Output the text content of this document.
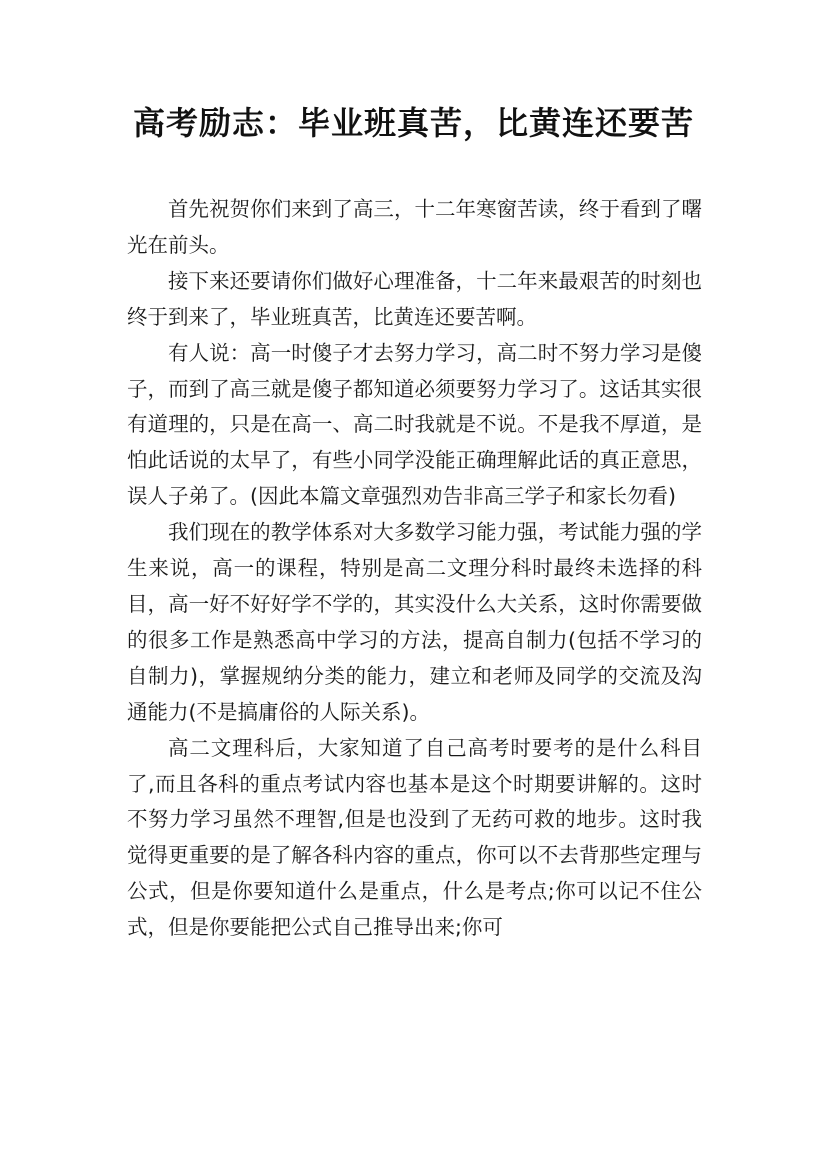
高考励志：毕业班真苦，比黄连还要苦

首先祝贺你们来到了高三，十二年寒窗苦读，终于看到了曙光在前头。

接下来还要请你们做好心理准备，十二年来最艰苦的时刻也终于到来了，毕业班真苦，比黄连还要苦啊。

有人说：高一时傻子才去努力学习，高二时不努力学习是傻子，而到了高三就是傻子都知道必须要努力学习了。这话其实很有道理的，只是在高一、高二时我就是不说。不是我不厚道，是怕此话说的太早了，有些小同学没能正确理解此话的真正意思，误人子弟了。(因此本篇文章强烈劝告非高三学子和家长勿看)

我们现在的教学体系对大多数学习能力强，考试能力强的学生来说，高一的课程，特别是高二文理分科时最终未选择的科目，高一好不好好学不学的，其实没什么大关系，这时你需要做的很多工作是熟悉高中学习的方法，提高自制力(包括不学习的自制力)，掌握规纳分类的能力，建立和老师及同学的交流及沟通能力(不是搞庸俗的人际关系)。

高二文理科后，大家知道了自己高考时要考的是什么科目了,而且各科的重点考试内容也基本是这个时期要讲解的。这时不努力学习虽然不理智,但是也没到了无药可救的地步。这时我觉得更重要的是了解各科内容的重点，你可以不去背那些定理与公式，但是你要知道什么是重点，什么是考点;你可以记不住公式，但是你要能把公式自己推导出来;你可
